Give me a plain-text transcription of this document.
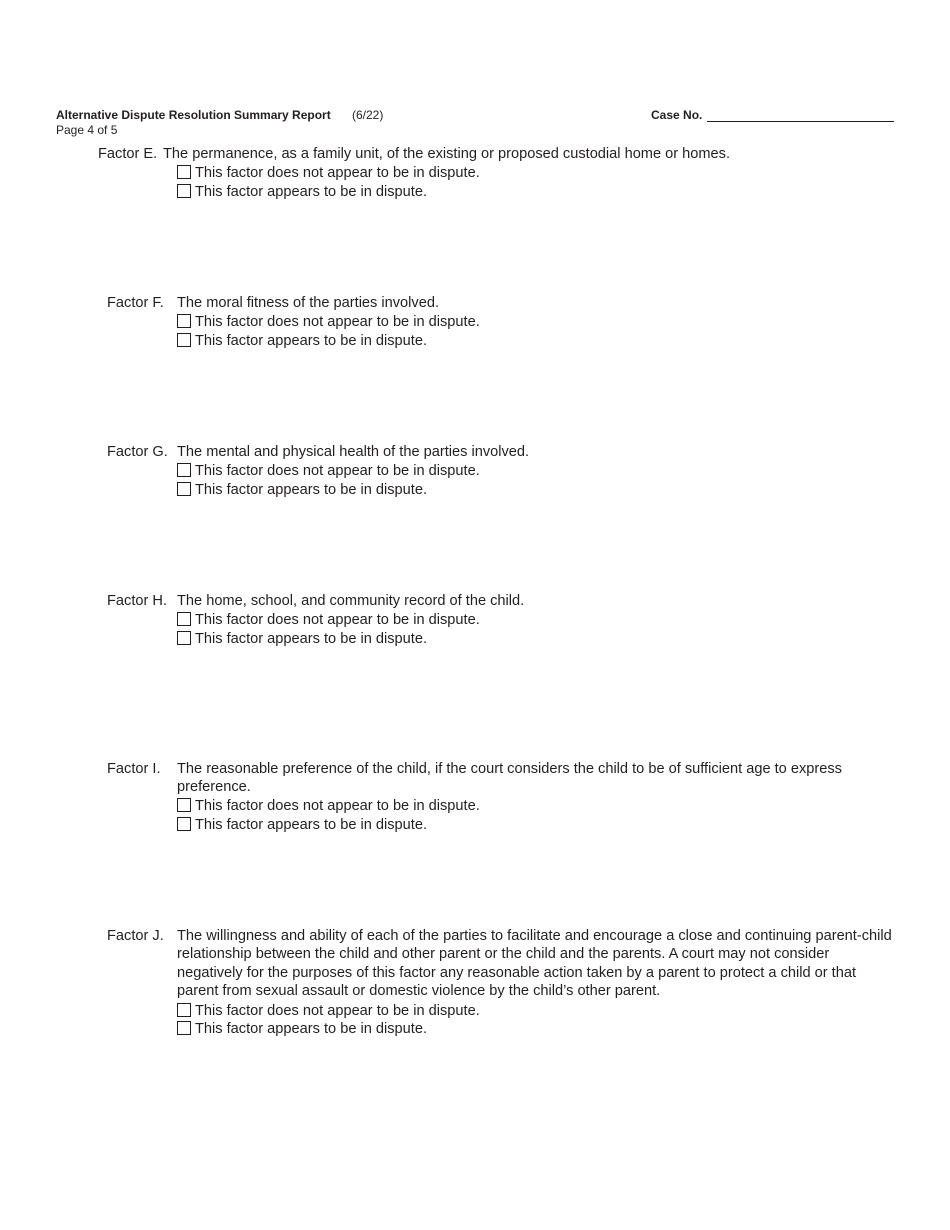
Alternative Dispute Resolution Summary Report (6/22)
Page 4 of 5
Case No.
Factor E. The permanence, as a family unit, of the existing or proposed custodial home or homes.
This factor does not appear to be in dispute.
This factor appears to be in dispute.
Factor F. The moral fitness of the parties involved.
This factor does not appear to be in dispute.
This factor appears to be in dispute.
Factor G. The mental and physical health of the parties involved.
This factor does not appear to be in dispute.
This factor appears to be in dispute.
Factor H. The home, school, and community record of the child.
This factor does not appear to be in dispute.
This factor appears to be in dispute.
Factor I. The reasonable preference of the child, if the court considers the child to be of sufficient age to express preference.
This factor does not appear to be in dispute.
This factor appears to be in dispute.
Factor J. The willingness and ability of each of the parties to facilitate and encourage a close and continuing parent-child relationship between the child and other parent or the child and the parents. A court may not consider negatively for the purposes of this factor any reasonable action taken by a parent to protect a child or that parent from sexual assault or domestic violence by the child’s other parent.
This factor does not appear to be in dispute.
This factor appears to be in dispute.
